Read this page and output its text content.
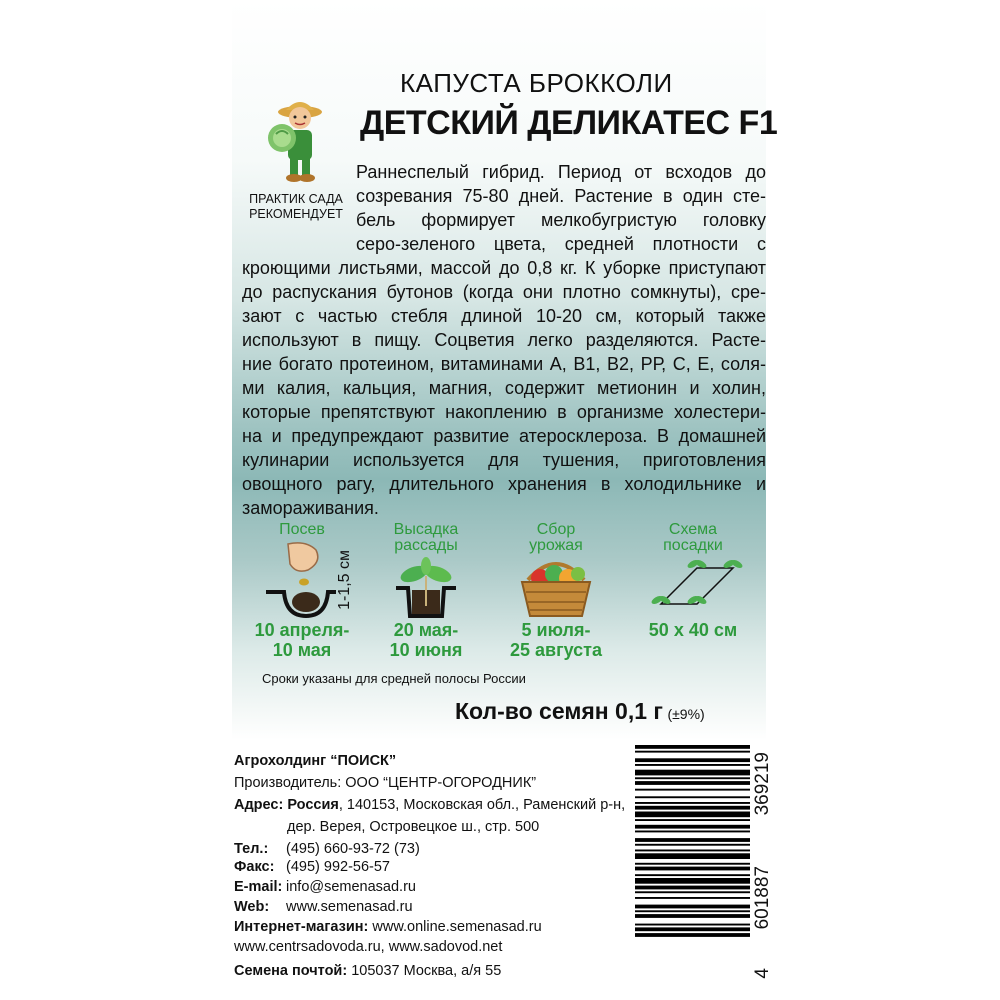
ПРАКТИК САДА
РЕКОМЕНДУЕТ
КАПУСТА БРОККОЛИ
ДЕТСКИЙ ДЕЛИКАТЕС F1
Раннеспелый гибрид. Период от всходов до
созревания 75-80 дней. Растение в один сте-
бель формирует мелкобугристую головку
серо-зеленого цвета, средней плотности с
кроющими листьями, массой до 0,8 кг. К уборке приступают
до распускания бутонов (когда они плотно сомкнуты), сре-
зают с частью стебля длиной 10-20 см, который также
используют в пищу. Соцветия легко разделяются. Расте-
ние богато протеином, витаминами А, В1, В2, РР, С, Е, соля-
ми калия, кальция, магния, содержит метионин и холин,
которые препятствуют накоплению в организме холестери-
на и предупреждают развитие атеросклероза. В домашней
кулинарии используется для тушения, приготовления
овощного рагу, длительного хранения в холодильнике и
замораживания.
Посев
1-1,5 см
10 апреля-
10 мая
Высадка
рассады
20 мая-
10 июня
Сбор
урожая
5 июля-
25 августа
Схема
посадки
50 х 40 см
Сроки указаны для средней полосы России
Кол-во семян 0,1 г (±9%)
Агрохолдинг “ПОИСК”
Производитель: ООО “ЦЕНТР-ОГОРОДНИК”
Адрес: Россия, 140153, Московская обл., Раменский р-н,
дер. Верея, Островецкое ш., стр. 500
Тел.: (495) 660-93-72 (73)
Факс: (495) 992-56-57
E-mail: info@semenasad.ru
Web: www.semenasad.ru
Интернет-магазин: www.online.semenasad.ru
www.centrsadovoda.ru, www.sadovod.net
Семена почтой: 105037 Москва, а/я 55
369219
601887
4
